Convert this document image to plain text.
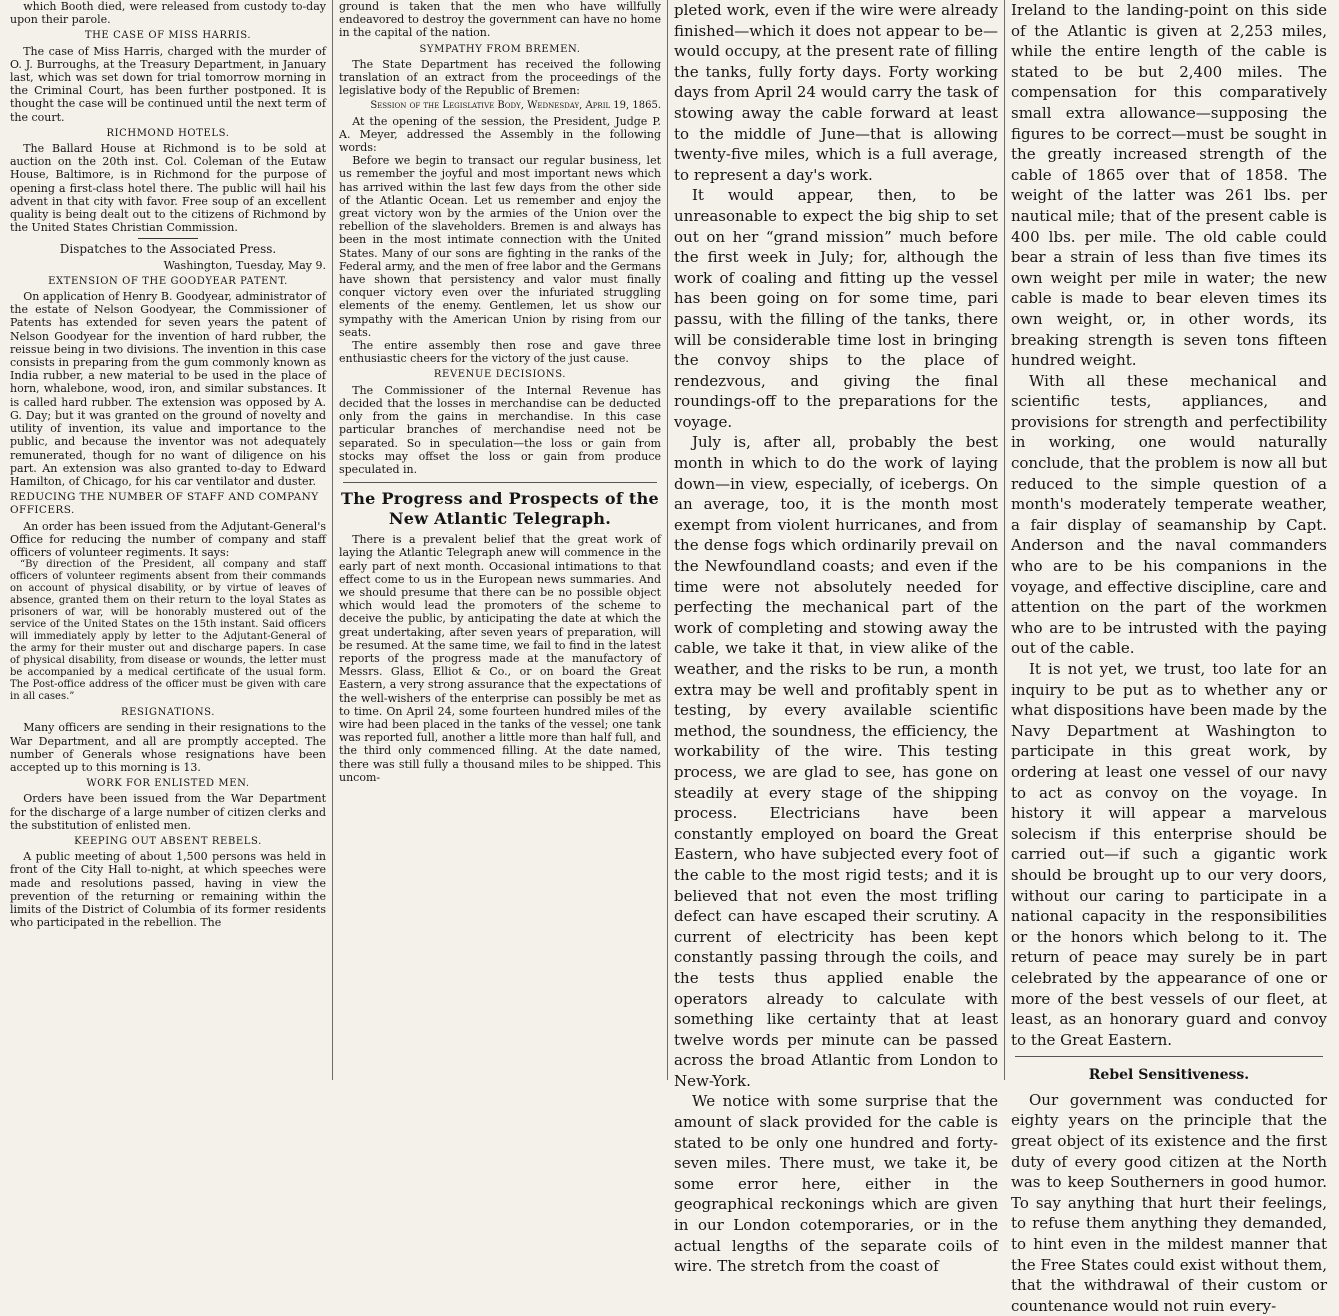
which Booth died, were released from custody to-day upon their parole.

THE CASE OF MISS HARRIS.

The case of Miss Harris, charged with the murder of O. J. Burroughs, at the Treasury Department, in January last, which was set down for trial tomorrow morning in the Criminal Court, has been further postponed. It is thought the case will be continued until the next term of the court.

RICHMOND HOTELS.

The Ballard House at Richmond is to be sold at auction on the 20th inst. Col. Coleman of the Eutaw House, Baltimore, is in Richmond for the purpose of opening a first-class hotel there. The public will hail his advent in that city with favor. Free soup of an excellent quality is being dealt out to the citizens of Richmond by the United States Christian Commission.

Dispatches to the Associated Press.

Washington, Tuesday, May 9.

EXTENSION OF THE GOODYEAR PATENT.

On application of Henry B. Goodyear, administrator of the estate of Nelson Goodyear, the Commissioner of Patents has extended for seven years the patent of Nelson Goodyear for the invention of hard rubber, the reissue being in two divisions. The invention in this case consists in preparing from the gum commonly known as India rubber, a new material to be used in the place of horn, whalebone, wood, iron, and similar substances. It is called hard rubber. The extension was opposed by A. G. Day; but it was granted on the ground of novelty and utility of invention, its value and importance to the public, and because the inventor was not adequately remunerated, though for no want of diligence on his part. An extension was also granted to-day to Edward Hamilton, of Chicago, for his car ventilator and duster.

REDUCING THE NUMBER OF STAFF AND COMPANY OFFICERS.

An order has been issued from the Adjutant-General's Office for reducing the number of company and staff officers of volunteer regiments. It says:

“By direction of the President, all company and staff officers of volunteer regiments absent from their commands on account of physical disability, or by virtue of leaves of absence, granted them on their return to the loyal States as prisoners of war, will be honorably mustered out of the service of the United States on the 15th instant. Said officers will immediately apply by letter to the Adjutant-General of the army for their muster out and discharge papers. In case of physical disability, from disease or wounds, the letter must be accompanied by a medical certificate of the usual form. The Post-office address of the officer must be given with care in all cases.”

RESIGNATIONS.

Many officers are sending in their resignations to the War Department, and all are promptly accepted. The number of Generals whose resignations have been accepted up to this morning is 13.

WORK FOR ENLISTED MEN.

Orders have been issued from the War Department for the discharge of a large number of citizen clerks and the substitution of enlisted men.

KEEPING OUT ABSENT REBELS.

A public meeting of about 1,500 persons was held in front of the City Hall to-night, at which speeches were made and resolutions passed, having in view the prevention of the returning or remaining within the limits of the District of Columbia of its former residents who participated in the rebellion. The

ground is taken that the men who have willfully endeavored to destroy the government can have no home in the capital of the nation.

SYMPATHY FROM BREMEN.

The State Department has received the following translation of an extract from the proceedings of the legislative body of the Republic of Bremen:

Session of the Legislative Body, Wednesday, April 19, 1865.

At the opening of the session, the President, Judge P. A. Meyer, addressed the Assembly in the following words:

Before we begin to transact our regular business, let us remember the joyful and most important news which has arrived within the last few days from the other side of the Atlantic Ocean. Let us remember and enjoy the great victory won by the armies of the Union over the rebellion of the slaveholders. Bremen is and always has been in the most intimate connection with the United States. Many of our sons are fighting in the ranks of the Federal army, and the men of free labor and the Germans have shown that persistency and valor must finally conquer victory even over the infuriated struggling elements of the enemy. Gentlemen, let us show our sympathy with the American Union by rising from our seats.

The entire assembly then rose and gave three enthusiastic cheers for the victory of the just cause.

REVENUE DECISIONS.

The Commissioner of the Internal Revenue has decided that the losses in merchandise can be deducted only from the gains in merchandise. In this case particular branches of merchandise need not be separated. So in speculation—the loss or gain from stocks may offset the loss or gain from produce speculated in.

The Progress and Prospects of the New Atlantic Telegraph.

There is a prevalent belief that the great work of laying the Atlantic Telegraph anew will commence in the early part of next month. Occasional intimations to that effect come to us in the European news summaries. And we should presume that there can be no possible object which would lead the promoters of the scheme to deceive the public, by anticipating the date at which the great undertaking, after seven years of preparation, will be resumed. At the same time, we fail to find in the latest reports of the progress made at the manufactory of Messrs. Glass, Elliot & Co., or on board the Great Eastern, a very strong assurance that the expectations of the well-wishers of the enterprise can possibly be met as to time. On April 24, some fourteen hundred miles of the wire had been placed in the tanks of the vessel; one tank was reported full, another a little more than half full, and the third only commenced filling. At the date named, there was still fully a thousand miles to be shipped. This uncom-

pleted work, even if the wire were already finished—which it does not appear to be—would occupy, at the present rate of filling the tanks, fully forty days. Forty working days from April 24 would carry the task of stowing away the cable forward at least to the middle of June—that is allowing twenty-five miles, which is a full average, to represent a day's work.

It would appear, then, to be unreasonable to expect the big ship to set out on her “grand mission” much before the first week in July; for, although the work of coaling and fitting up the vessel has been going on for some time, pari passu, with the filling of the tanks, there will be considerable time lost in bringing the convoy ships to the place of rendezvous, and giving the final roundings-off to the preparations for the voyage.

July is, after all, probably the best month in which to do the work of laying down—in view, especially, of icebergs. On an average, too, it is the month most exempt from violent hurricanes, and from the dense fogs which ordinarily prevail on the Newfoundland coasts; and even if the time were not absolutely needed for perfecting the mechanical part of the work of completing and stowing away the cable, we take it that, in view alike of the weather, and the risks to be run, a month extra may be well and profitably spent in testing, by every available scientific method, the soundness, the efficiency, the workability of the wire. This testing process, we are glad to see, has gone on steadily at every stage of the shipping process. Electricians have been constantly employed on board the Great Eastern, who have subjected every foot of the cable to the most rigid tests; and it is believed that not even the most trifling defect can have escaped their scrutiny. A current of electricity has been kept constantly passing through the coils, and the tests thus applied enable the operators already to calculate with something like certainty that at least twelve words per minute can be passed across the broad Atlantic from London to New-York.

We notice with some surprise that the amount of slack provided for the cable is stated to be only one hundred and forty-seven miles. There must, we take it, be some error here, either in the geographical reckonings which are given in our London cotemporaries, or in the actual lengths of the separate coils of wire. The stretch from the coast of

Ireland to the landing-point on this side of the Atlantic is given at 2,253 miles, while the entire length of the cable is stated to be but 2,400 miles. The compensation for this comparatively small extra allowance—supposing the figures to be correct—must be sought in the greatly increased strength of the cable of 1865 over that of 1858. The weight of the latter was 261 lbs. per nautical mile; that of the present cable is 400 lbs. per mile. The old cable could bear a strain of less than five times its own weight per mile in water; the new cable is made to bear eleven times its own weight, or, in other words, its breaking strength is seven tons fifteen hundred weight.

With all these mechanical and scientific tests, appliances, and provisions for strength and perfectibility in working, one would naturally conclude, that the problem is now all but reduced to the simple question of a month's moderately temperate weather, a fair display of seamanship by Capt. Anderson and the naval commanders who are to be his companions in the voyage, and effective discipline, care and attention on the part of the workmen who are to be intrusted with the paying out of the cable.

It is not yet, we trust, too late for an inquiry to be put as to whether any or what dispositions have been made by the Navy Department at Washington to participate in this great work, by ordering at least one vessel of our navy to act as convoy on the voyage. In history it will appear a marvelous solecism if this enterprise should be carried out—if such a gigantic work should be brought up to our very doors, without our caring to participate in a national capacity in the responsibilities or the honors which belong to it. The return of peace may surely be in part celebrated by the appearance of one or more of the best vessels of our fleet, at least, as an honorary guard and convoy to the Great Eastern.

Rebel Sensitiveness.

Our government was conducted for eighty years on the principle that the great object of its existence and the first duty of every good citizen at the North was to keep Southerners in good humor. To say anything that hurt their feelings, to refuse them anything they demanded, to hint even in the mildest manner that the Free States could exist without them, that the withdrawal of their custom or countenance would not ruin every-
